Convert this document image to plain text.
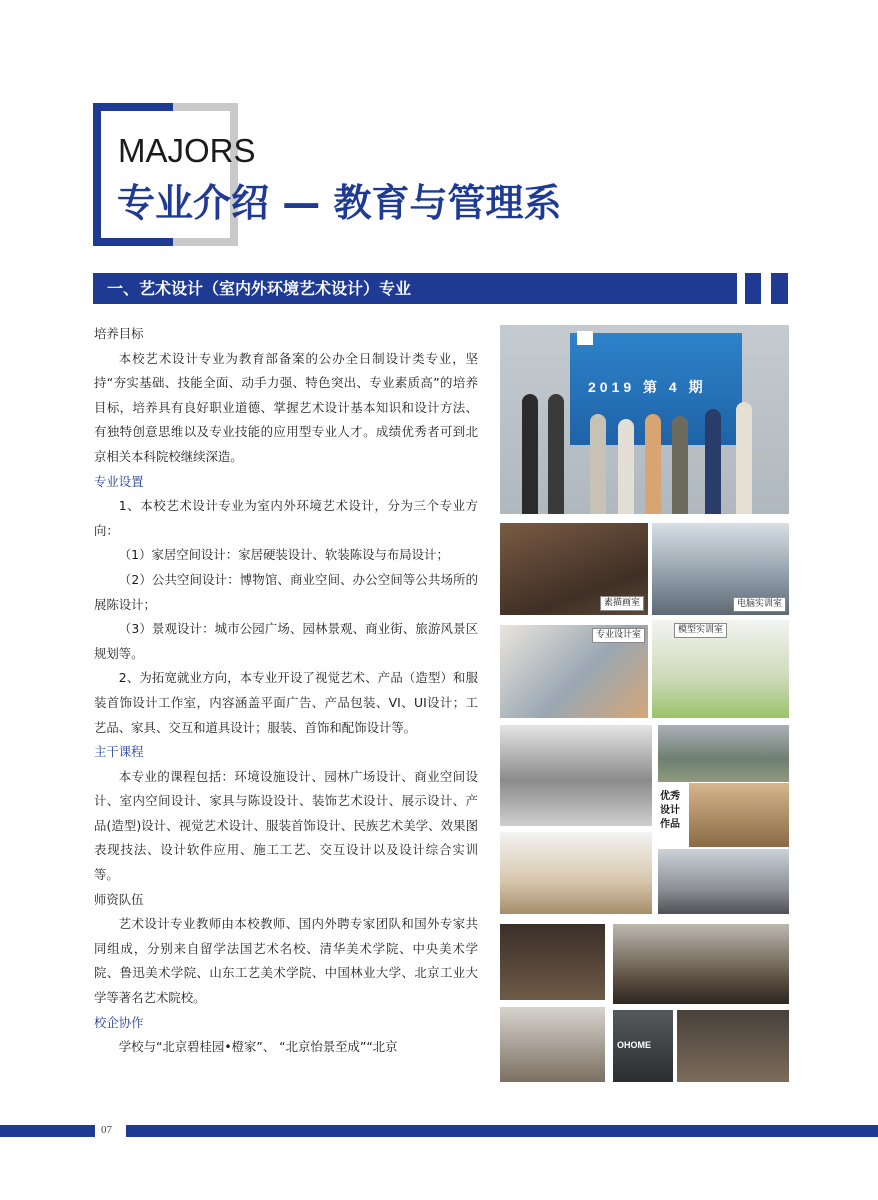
MAJORS
专业介绍 — 教育与管理系
一、艺术设计（室内外环境艺术设计）专业

培养目标

本校艺术设计专业为教育部备案的公办全日制设计类专业，坚持“夯实基础、技能全面、动手力强、特色突出、专业素质高”的培养目标，培养具有良好职业道德、掌握艺术设计基本知识和设计方法、有独特创意思维以及专业技能的应用型专业人才。成绩优秀者可到北京相关本科院校继续深造。

专业设置

1、本校艺术设计专业为室内外环境艺术设计，分为三个专业方向：

（1）家居空间设计：家居硬装设计、软装陈设与布局设计；

（2）公共空间设计：博物馆、商业空间、办公空间等公共场所的展陈设计；

（3）景观设计：城市公园广场、园林景观、商业街、旅游风景区规划等。

2、为拓宽就业方向，本专业开设了视觉艺术、产品（造型）和服装首饰设计工作室，内容涵盖平面广告、产品包装、VI、UI设计；工艺品、家具、交互和道具设计；服装、首饰和配饰设计等。

主干课程

本专业的课程包括：环境设施设计、园林广场设计、商业空间设计、室内空间设计、家具与陈设设计、装饰艺术设计、展示设计、产品(造型)设计、视觉艺术设计、服装首饰设计、民族艺术美学、效果图表现技法、设计软件应用、施工工艺、交互设计以及设计综合实训等。

师资队伍

艺术设计专业教师由本校教师、国内外聘专家团队和国外专家共同组成，分别来自留学法国艺术名校、清华美术学院、中央美术学院、鲁迅美术学院、山东工艺美术学院、中国林业大学、北京工业大学等著名艺术院校。

校企协作

学校与“北京碧桂园•橙家”、 “北京怡景至成”“北京

2019 第 4 期
素描画室	电脑实训室
专业设计室	模型实训室
优秀设计作品
OHOME
07
